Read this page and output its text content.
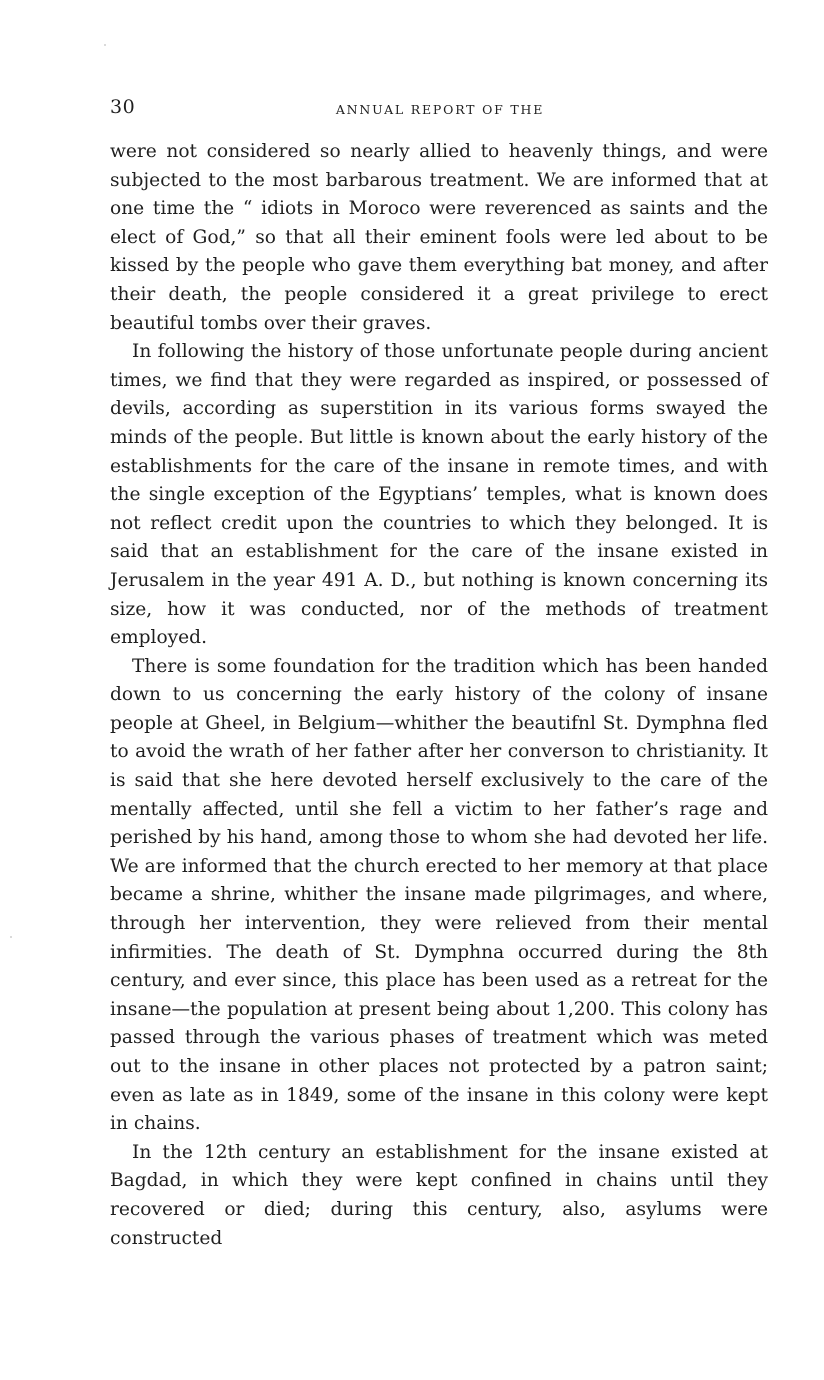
30	ANNUAL REPORT OF THE

were not considered so nearly allied to heavenly things, and were subjected to the most barbarous treatment. We are informed that at one time the “ idiots in Moroco were reverenced as saints and the elect of God,” so that all their eminent fools were led about to be kissed by the people who gave them everything bat money, and after their death, the people considered it a great privilege to erect beautiful tombs over their graves.

In following the history of those unfortunate people during ancient times, we find that they were regarded as inspired, or possessed of devils, according as superstition in its various forms swayed the minds of the people. But little is known about the early history of the establishments for the care of the insane in remote times, and with the single exception of the Egyptians’ temples, what is known does not reflect credit upon the countries to which they belonged. It is said that an establishment for the care of the insane existed in Jerusalem in the year 491 A. D., but nothing is known concerning its size, how it was conducted, nor of the methods of treatment employed.

There is some foundation for the tradition which has been handed down to us concerning the early history of the colony of insane people at Gheel, in Belgium—whither the beautifnl St. Dymphna fled to avoid the wrath of her father after her converson to christianity. It is said that she here devoted herself exclusively to the care of the mentally affected, until she fell a victim to her father’s rage and perished by his hand, among those to whom she had devoted her life. We are informed that the church erected to her memory at that place became a shrine, whither the insane made pilgrimages, and where, through her intervention, they were relieved from their mental infirmities. The death of St. Dymphna occurred during the 8th century, and ever since, this place has been used as a retreat for the insane—the population at present being about 1,200. This colony has passed through the various phases of treatment which was meted out to the insane in other places not protected by a patron saint; even as late as in 1849, some of the insane in this colony were kept in chains.

In the 12th century an establishment for the insane existed at Bagdad, in which they were kept confined in chains until they recovered or died; during this century, also, asylums were constructed
